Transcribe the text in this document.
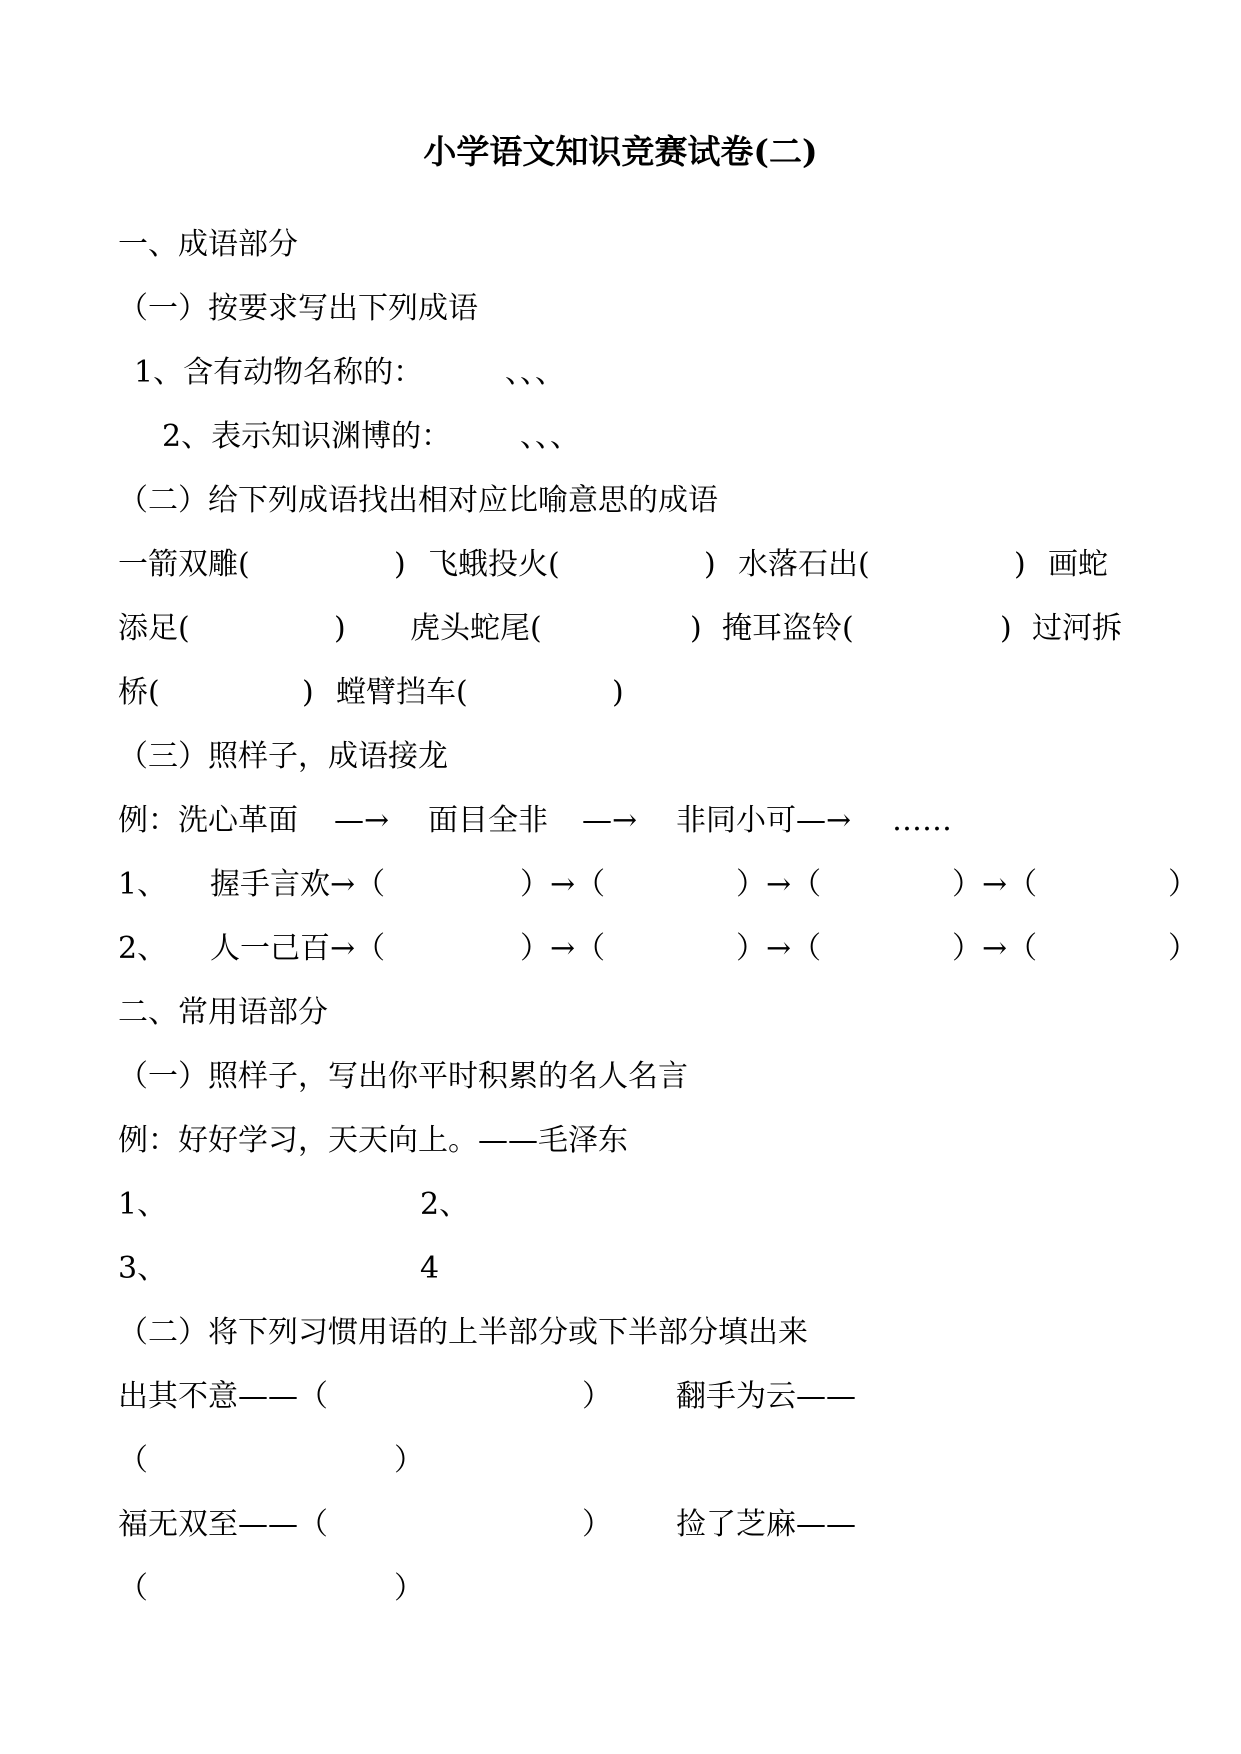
小学语文知识竞赛试卷(二)
一、成语部分
（一）按要求写出下列成语
1、含有动物名称的：	、、、
2、表示知识渊博的： 、、、
（二）给下列成语找出相对应比喻意思的成语
一箭双雕(	) 飞蛾投火(	) 水落石出(	) 画蛇
添足(	) 虎头蛇尾(	) 掩耳盗铃(	) 过河拆
桥(	) 螳臂挡车(	)
（三）照样子，成语接龙
例：洗心革面 —→ 面目全非 —→ 非同小可—→ ……
1、 握手言欢→（	）→（	）→（	）→（	）
2、 人一己百→（	）→（	）→（	）→（	）
二、常用语部分
（一）照样子，写出你平时积累的名人名言
例：好好学习，天天向上。——毛泽东
1、	2、
3、	4
（二）将下列习惯用语的上半部分或下半部分填出来
出其不意——（	） 翻手为云——
（	）
福无双至——（	） 捡了芝麻——
（	）
